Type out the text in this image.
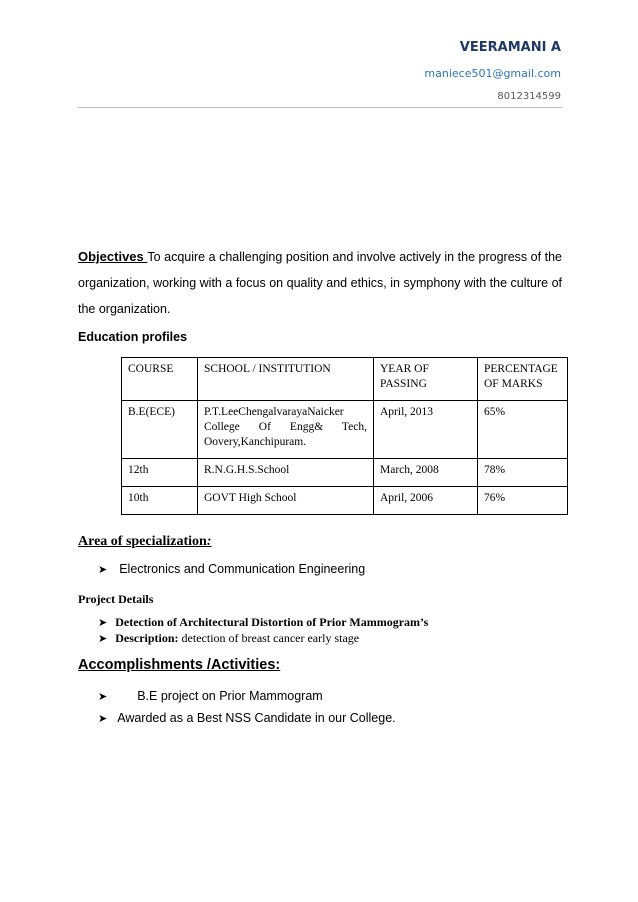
VEERAMANI A
maniece501@gmail.com
8012314599
Objectives To acquire a challenging position and involve actively in the progress of the organization, working with a focus on quality and ethics, in symphony with the culture of the organization.
Education profiles
COURSE	SCHOOL / INSTITUTION	YEAR OF PASSING	PERCENTAGE OF MARKS
B.E(ECE)	P.T.LeeChengalvarayaNaicker College Of Engg& Tech, Oovery,Kanchipuram.	April, 2013	65%
12th	R.N.G.H.S.School	March, 2008	78%
10th	GOVT High School	April, 2006	76%
Area of specialization:
➤ Electronics and Communication Engineering
Project Details
➤ Detection of Architectural Distortion of Prior Mammogram’s
➤ Description: detection of breast cancer early stage
Accomplishments /Activities:
➤ B.E project on Prior Mammogram
➤ Awarded as a Best NSS Candidate in our College.
